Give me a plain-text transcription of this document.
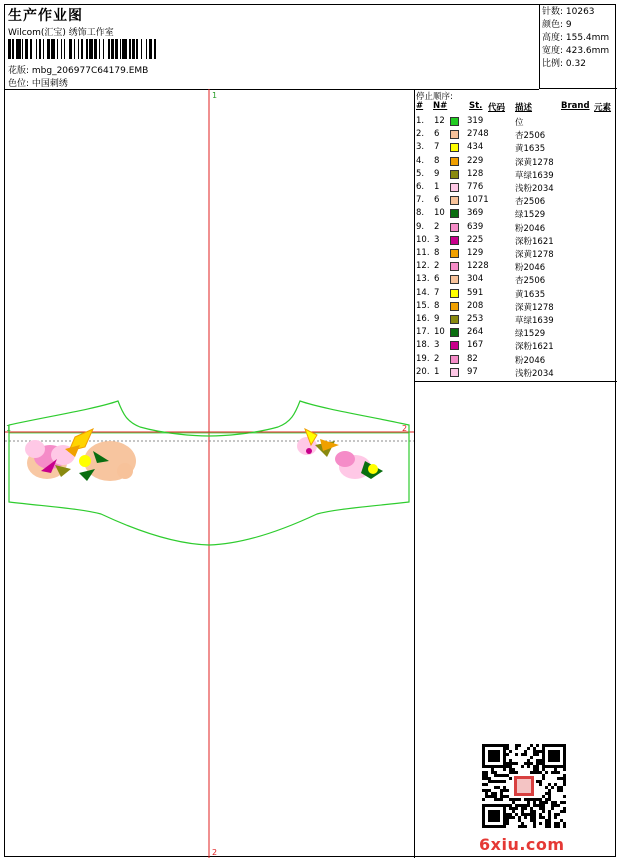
生产作业图
Wilcom(汇宝) 绣饰工作室
花版: mbg_206977C64179.EMB
色位: 中国刺绣
针数: 10263
颜色: 9
高度: 155.4mm
宽度: 423.6mm
比例: 0.32
1
2
1	2
停止顺序:
# N#	St. 代码 描述	Brand 元素
1. 12	319	位
2. 6	2748	杏2506
3. 7	434	黄1635
4. 8	229	深黄1278
5. 9	128	草绿1639
6. 1	776	浅粉2034
7. 6	1071	杏2506
8. 10	369	绿1529
9. 2	639	粉2046
10. 3	225	深粉1621
11. 8	129	深黄1278
12. 2	1228	粉2046
13. 6	304	杏2506
14. 7	591	黄1635
15. 8	208	深黄1278
16. 9	253	草绿1639
17. 10	264	绿1529
18. 3	167	深粉1621
19. 2	82	粉2046
20. 1	97	浅粉2034
6xiu.com
